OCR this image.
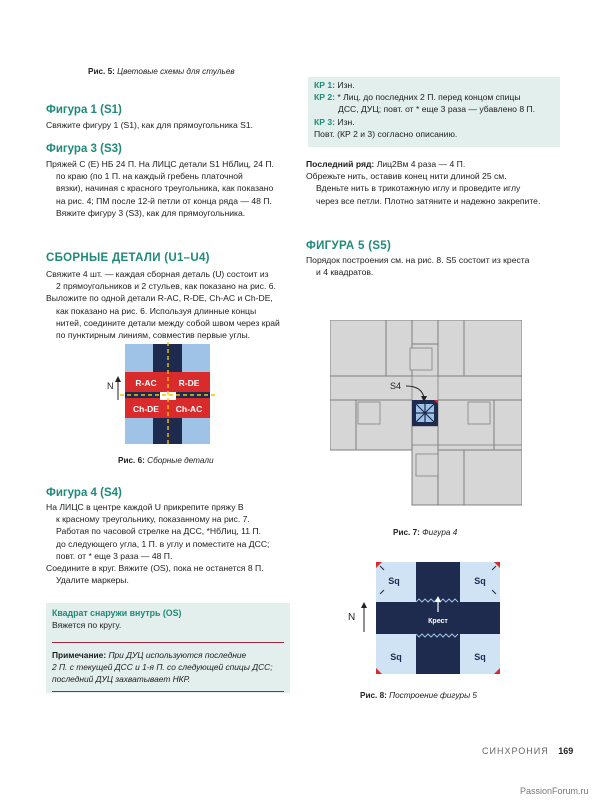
Рис. 5: Цветовые схемы для стульев
Фигура 1 (S1)

Свяжите фигуру 1 (S1), как для прямоугольника S1.

Фигура 3 (S3)

Пряжей C (E) НБ 24 П. На ЛИЦС детали S1 НбЛиц, 24 П.

по краю (по 1 П. на каждый гребень платочной

вязки), начиная с красного треугольника, как показано

на рис. 4; ПМ после 12-й петли от конца ряда — 48 П.

Вяжите фигуру 3 (S3), как для прямоугольника.

СБОРНЫЕ ДЕТАЛИ (U1–U4)

Свяжите 4 шт. — каждая сборная деталь (U) состоит из

2 прямоугольников и 2 стульев, как показано на рис. 6.

Выложите по одной детали R-AC, R-DE, Ch-AC и Ch-DE,

как показано на рис. 6. Используя длинные концы

нитей, соедините детали между собой швом через край

по пунктирным линиям, совместив первые углы.

R-AC	R-DE
Ch-DE Ch-AC
N
Рис. 6: Сборные детали
Фигура 4 (S4)

На ЛИЦС в центре каждой U прикрепите пряжу B

к красному треугольнику, показанному на рис. 7.

Работая по часовой стрелке на ДСС, *НбЛиц, 11 П.

до следующего угла, 1 П. в углу и поместите на ДСС;

повт. от * еще 3 раза — 48 П.

Соедините в круг. Вяжите (OS), пока не останется 8 П.

Удалите маркеры.

Квадрат снаружи внутрь (OS)
Вяжется по кругу.
Примечание: При ДУЦ используются последние
2 П. с текущей ДСС и 1-я П. со следующей спицы ДСС;
последний ДУЦ захватывает НКР.

КР 1: Изн.

КР 2: * Лиц. до последних 2 П. перед концом спицы

ДСС, ДУЦ; повт. от * еще 3 раза — убавлено 8 П.

КР 3: Изн.

Повт. (КР 2 и 3) согласно описанию.

Последний ряд: Лиц2Вм 4 раза — 4 П.

Обрежьте нить, оставив конец нити длиной 25 см.

Вденьте нить в трикотажную иглу и проведите иглу

через все петли. Плотно затяните и надежно закрепите.

ФИГУРА 5 (S5)

Порядок построения см. на рис. 8. S5 состоит из креста

и 4 квадратов.

S4
Рис. 7: Фигура 4
Sq	Sq
Sq	Sq
Крест
N
Рис. 8: Построение фигуры 5
СИНХРОНИЯ 169
PassionForum.ru
